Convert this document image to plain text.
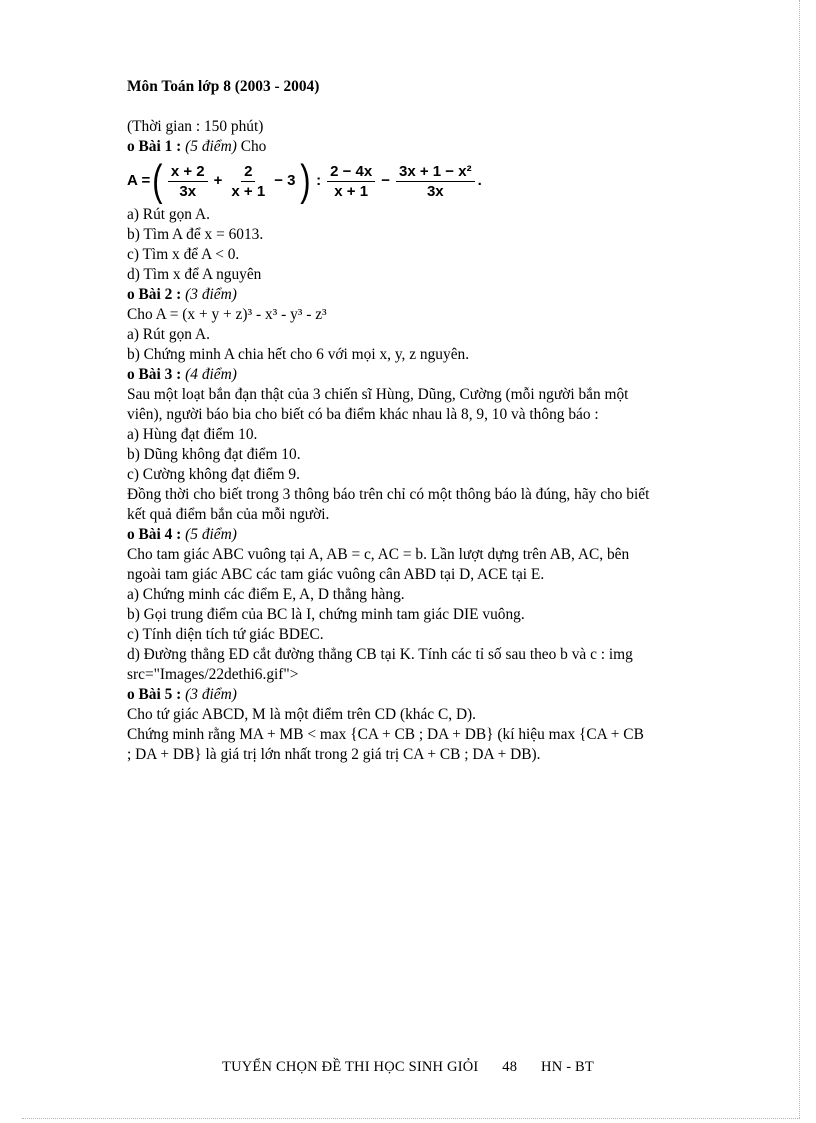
Môn Toán lớp 8 (2003 - 2004)
(Thời gian : 150 phút)
o Bài 1 : (5 điểm) Cho
A = ( $\frac{x + 2}{3x} + \frac{2}{x + 1} - 3$ ) : $\frac{2 - 4x}{x + 1} - \frac{\text{3x + 1 − x²}}{3x}$ .
a) Rút gọn A.
b) Tìm A để x = 6013.
c) Tìm x để A < 0.
d) Tìm x để A nguyên
o Bài 2 : (3 điểm)
Cho A = (x + y + z)³ - x³ - y³ - z³
a) Rút gọn A.
b) Chứng minh A chia hết cho 6 với mọi x, y, z nguyên.
o Bài 3 : (4 điểm)
Sau một loạt bắn đạn thật của 3 chiến sĩ Hùng, Dũng, Cường (mỗi người bắn một
viên), người báo bia cho biết có ba điểm khác nhau là 8, 9, 10 và thông báo :
a) Hùng đạt điểm 10.
b) Dũng không đạt điểm 10.
c) Cường không đạt điểm 9.
Đồng thời cho biết trong 3 thông báo trên chỉ có một thông báo là đúng, hãy cho biết
kết quả điểm bắn của mỗi người.
o Bài 4 : (5 điểm)
Cho tam giác ABC vuông tại A, AB = c, AC = b. Lần lượt dựng trên AB, AC, bên
ngoài tam giác ABC các tam giác vuông cân ABD tại D, ACE tại E.
a) Chứng minh các điểm E, A, D thẳng hàng.
b) Gọi trung điểm của BC là I, chứng minh tam giác DIE vuông.
c) Tính diện tích tứ giác BDEC.
d) Đường thẳng ED cắt đường thẳng CB tại K. Tính các tỉ số sau theo b và c : img
src="Images/22dethi6.gif">
o Bài 5 : (3 điểm)
Cho tứ giác ABCD, M là một điểm trên CD (khác C, D).
Chứng minh rằng MA + MB < max {CA + CB ; DA + DB} (kí hiệu max {CA + CB
; DA + DB} là giá trị lớn nhất trong 2 giá trị CA + CB ; DA + DB).
TUYỂN CHỌN ĐỀ THI HỌC SINH GIỎI 48 HN - BT
